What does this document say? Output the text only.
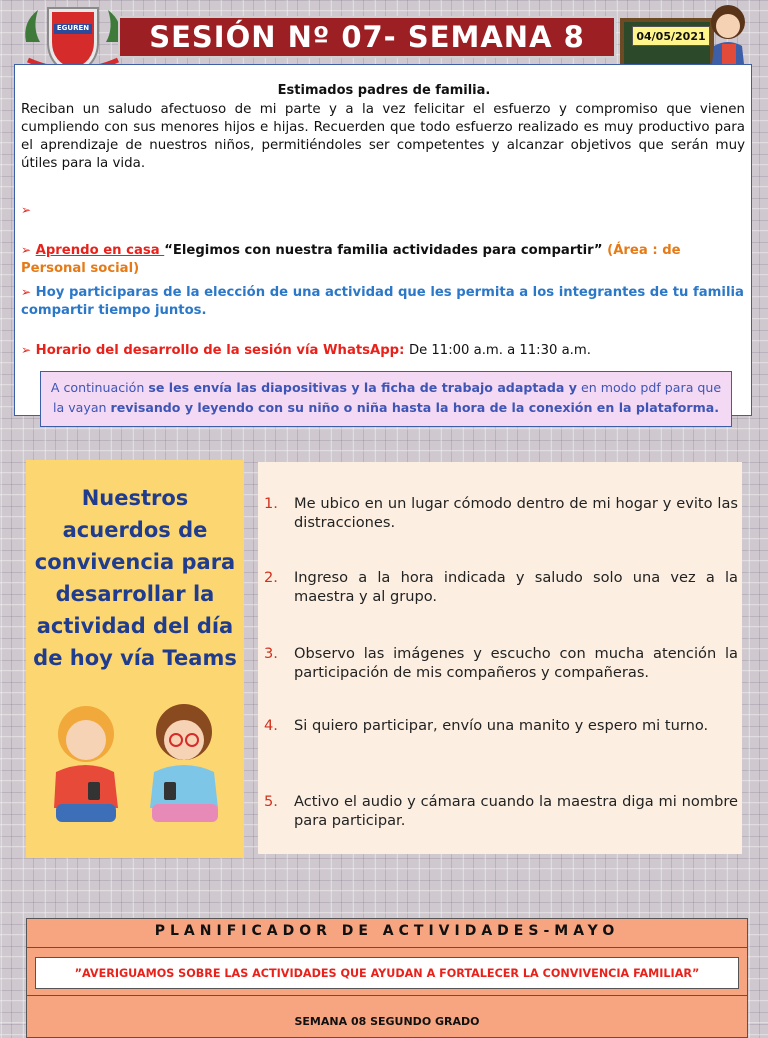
EGUREN	SESIÓN Nº 07- SEMANA 8	04/05/2021
Estimados padres de familia.
Reciban un saludo afectuoso de mi parte y a la vez felicitar el esfuerzo y compromiso que vienen cumpliendo con sus menores hijos e hijas. Recuerden que todo esfuerzo realizado es muy productivo para el aprendizaje de nuestros niños, permitiéndoles ser competentes y alcanzar objetivos que serán muy útiles para la vida.
➢
➢ Aprendo en casa “Elegimos con nuestra familia actividades para compartir” (Área : de Personal social)
➢ Hoy participaras de la elección de una actividad que les permita a los integrantes de tu familia compartir tiempo juntos.
➢ Horario del desarrollo de la sesión vía WhatsApp: De 11:00 a.m. a 11:30 a.m.
A continuación se les envía las diapositivas y la ficha de trabajo adaptada y en modo pdf para que la vayan revisando y leyendo con su niño o niña hasta la hora de la conexión en la plataforma.
Nuestros acuerdos de convivencia para desarrollar la actividad del día de hoy vía Teams
1.	Me ubico en un lugar cómodo dentro de mi hogar y evito las distracciones.
2.	Ingreso a la hora indicada y saludo solo una vez a la maestra y al grupo.
3.	Observo las imágenes y escucho con mucha atención la participación de mis compañeros y compañeras.
4.	Si quiero participar, envío una manito y espero mi turno.
5.	Activo el audio y cámara cuando la maestra diga mi nombre para participar.
PLANIFICADOR DE ACTIVIDADES-MAYO
”AVERIGUAMOS SOBRE LAS ACTIVIDADES QUE AYUDAN A FORTALECER LA CONVIVENCIA FAMILIAR”
SEMANA 08 SEGUNDO GRADO
